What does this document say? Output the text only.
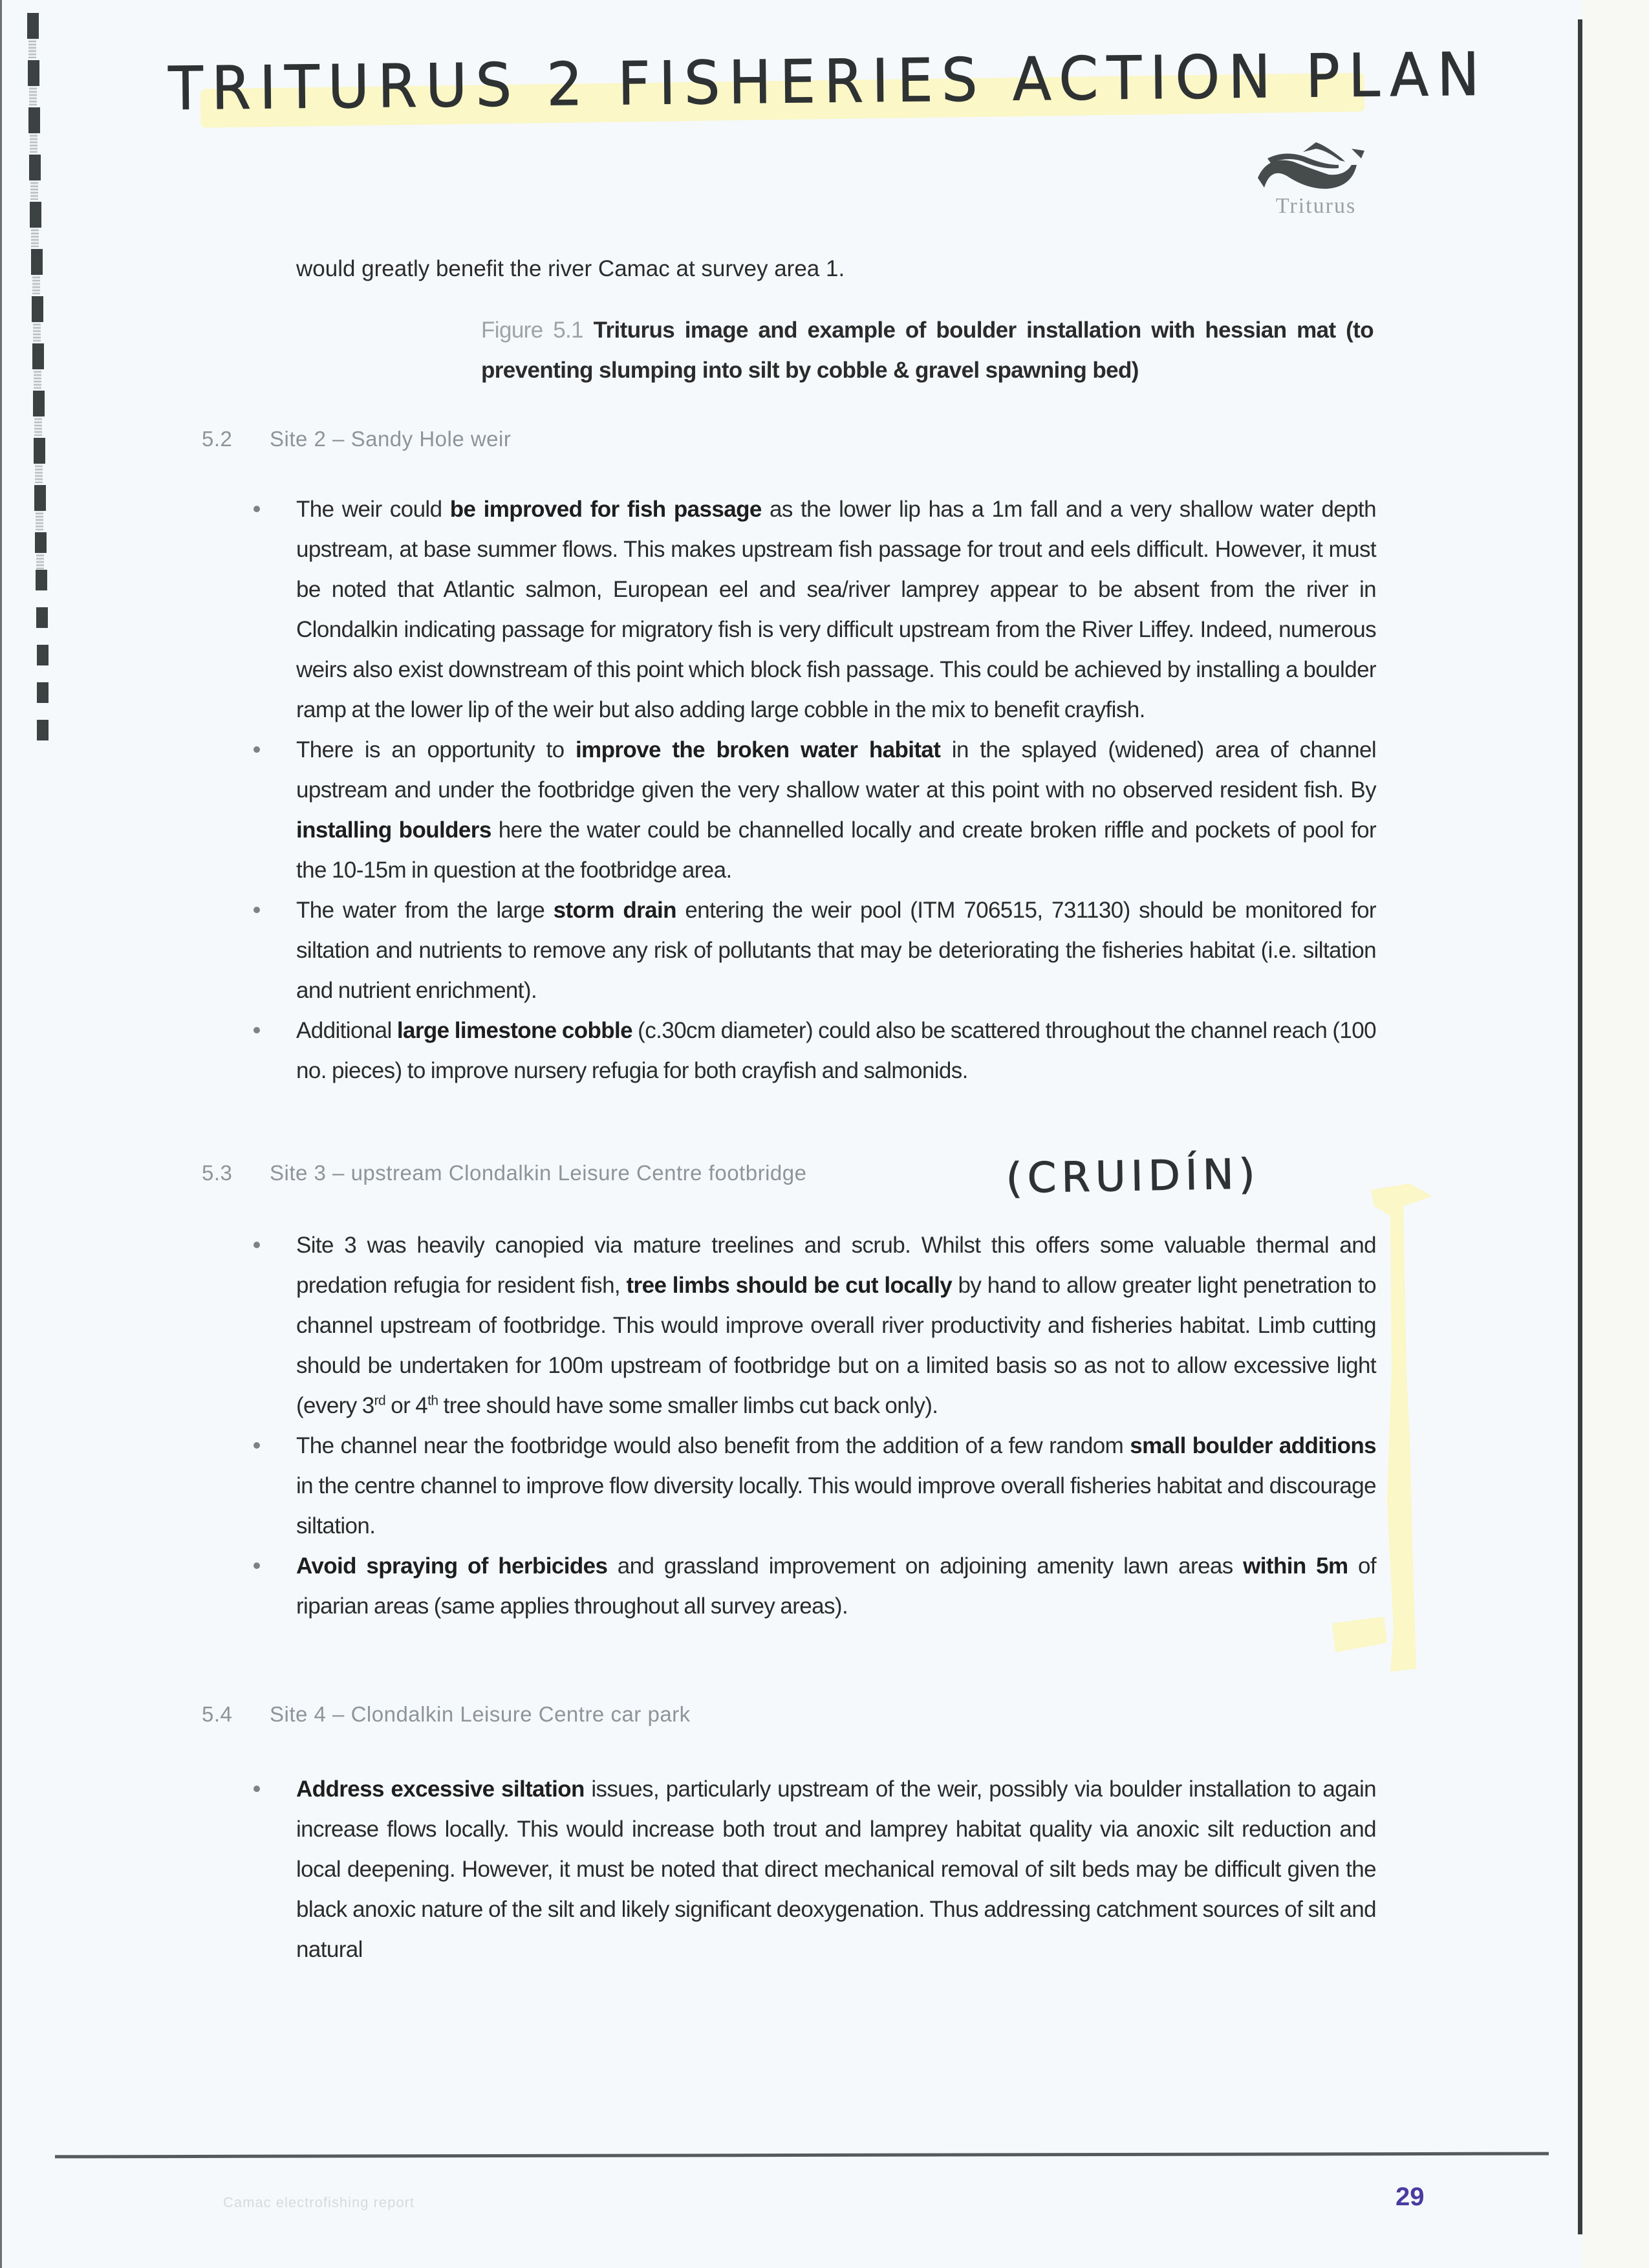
TRITURUS 2 FISHERIES ACTION PLAN
Triturus
would greatly benefit the river Camac at survey area 1.
Figure 5.1 Triturus image and example of boulder installation with hessian mat (to preventing slumping into silt by cobble & gravel spawning bed)
5.2 Site 2 – Sandy Hole weir
The weir could be improved for fish passage as the lower lip has a 1m fall and a very shallow water depth upstream, at base summer flows. This makes upstream fish passage for trout and eels difficult. However, it must be noted that Atlantic salmon, European eel and sea/river lamprey appear to be absent from the river in Clondalkin indicating passage for migratory fish is very difficult upstream from the River Liffey. Indeed, numerous weirs also exist downstream of this point which block fish passage. This could be achieved by installing a boulder ramp at the lower lip of the weir but also adding large cobble in the mix to benefit crayfish.
There is an opportunity to improve the broken water habitat in the splayed (widened) area of channel upstream and under the footbridge given the very shallow water at this point with no observed resident fish. By installing boulders here the water could be channelled locally and create broken riffle and pockets of pool for the 10-15m in question at the footbridge area.
The water from the large storm drain entering the weir pool (ITM 706515, 731130) should be monitored for siltation and nutrients to remove any risk of pollutants that may be deteriorating the fisheries habitat (i.e. siltation and nutrient enrichment).
Additional large limestone cobble (c.30cm diameter) could also be scattered throughout the channel reach (100 no. pieces) to improve nursery refugia for both crayfish and salmonids.
5.3 Site 3 – upstream Clondalkin Leisure Centre footbridge	(CRUIDÍN)
Site 3 was heavily canopied via mature treelines and scrub. Whilst this offers some valuable thermal and predation refugia for resident fish, tree limbs should be cut locally by hand to allow greater light penetration to channel upstream of footbridge. This would improve overall river productivity and fisheries habitat. Limb cutting should be undertaken for 100m upstream of footbridge but on a limited basis so as not to allow excessive light (every 3rd or 4th tree should have some smaller limbs cut back only).
The channel near the footbridge would also benefit from the addition of a few random small boulder additions in the centre channel to improve flow diversity locally. This would improve overall fisheries habitat and discourage siltation.
Avoid spraying of herbicides and grassland improvement on adjoining amenity lawn areas within 5m of riparian areas (same applies throughout all survey areas).
5.4 Site 4 – Clondalkin Leisure Centre car park
Address excessive siltation issues, particularly upstream of the weir, possibly via boulder installation to again increase flows locally. This would increase both trout and lamprey habitat quality via anoxic silt reduction and local deepening. However, it must be noted that direct mechanical removal of silt beds may be difficult given the black anoxic nature of the silt and likely significant deoxygenation. Thus addressing catchment sources of silt and natural
Camac electrofishing report	29
